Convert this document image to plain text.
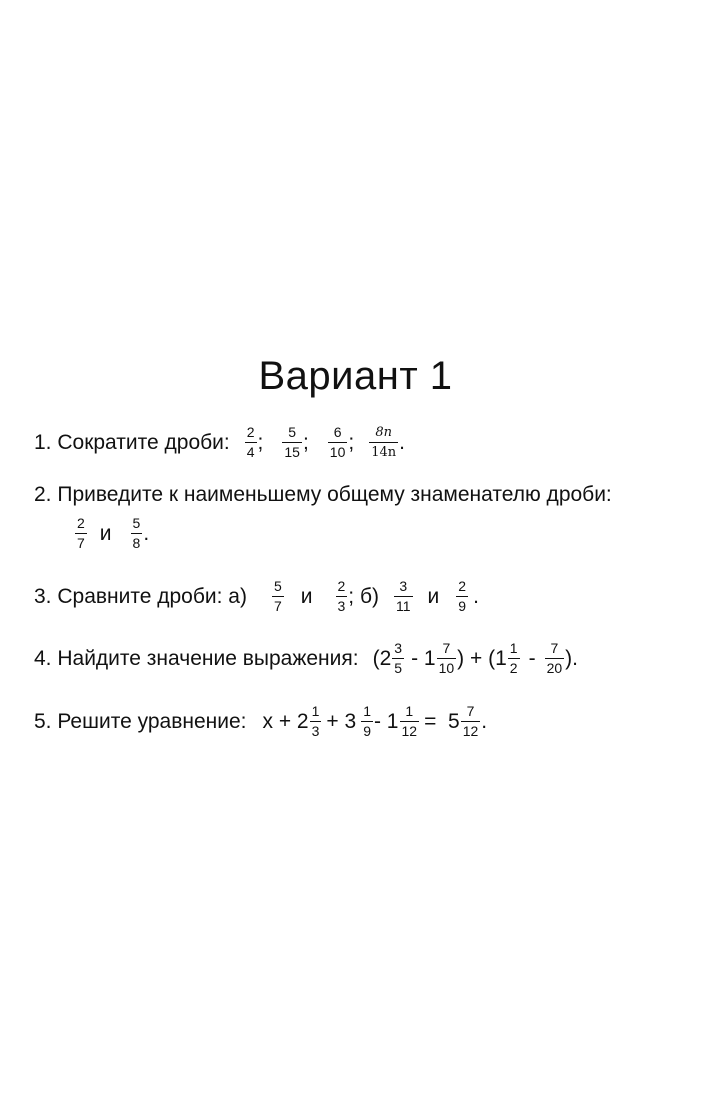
Вариант 1
1. Сократите дроби: $\frac{2}{4}$ ; $\frac{5}{15}$ ; $\frac{6}{10}$ ; $\frac{8n}{14n}$ .
2. Приведите к наименьшему общему знаменателю дроби:
$\frac{2}{7}$ и $\frac{5}{8}$ .
3. Сравните дроби: $а) \frac{5}{7}$ и $\frac{2}{3}$ ; $б) \frac{3}{11}$ и $\frac{2}{9}$ .
4. Найдите значение выражения: ($2 \frac{3}{5} - 1 \frac{7}{10}$ ) + ($1 \frac{1}{2} - \frac{7}{20}$ ).
5. Решите уравнение: $x + 2 \frac{1}{3} + 3 \frac{1}{9} - 1 \frac{1}{12} = 5 \frac{7}{12}$ .
